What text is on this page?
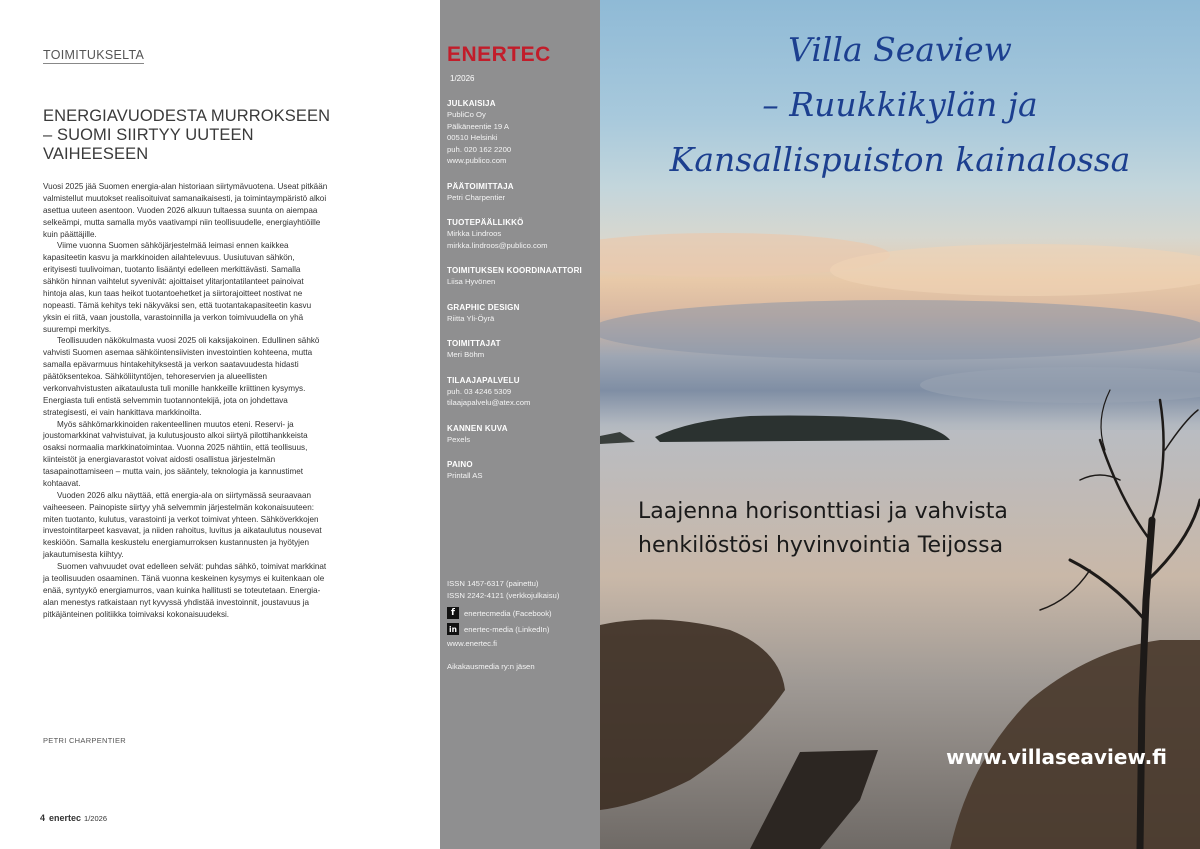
TOIMITUKSELTA
ENERGIAVUODESTA MURROKSEEN
– SUOMI SIIRTYY UUTEEN
VAIHEESEEN

Vuosi 2025 jää Suomen energia-alan historiaan siirtymävuotena. Useat pitkään valmistellut muutokset realisoituivat samanaikaisesti, ja toimintaympäristö alkoi asettua uuteen asentoon. Vuoden 2026 alkuun tultaessa suunta on aiempaa selkeämpi, mutta samalla myös vaativampi niin teollisuudelle, energiayhtiöille kuin päättäjille.

Viime vuonna Suomen sähköjärjestelmää leimasi ennen kaikkea kapasiteetin kasvu ja markkinoiden ailahtelevuus. Uusiutuvan sähkön, erityisesti tuulivoiman, tuotanto lisääntyi edelleen merkittävästi. Samalla sähkön hinnan vaihtelut syvenivät: ajoittaiset ylitarjontatilanteet painoivat hintoja alas, kun taas heikot tuotantoehetket ja siirtorajoitteet nostivat ne nopeasti. Tämä kehitys teki näkyväksi sen, että tuotantakapasiteetin kasvu yksin ei riitä, vaan joustolla, varastoinnilla ja verkon toimivuudella on yhä suurempi merkitys.

Teollisuuden näkökulmasta vuosi 2025 oli kaksijakoinen. Edullinen sähkö vahvisti Suomen asemaa sähköintensiivisten investointien kohteena, mutta samalla epävarmuus hintakehityksestä ja verkon saatavuudesta hidasti päätöksentekoa. Sähköliityntöjen, tehoreservien ja alueellisten verkonvahvistusten aikataulusta tuli monille hankkeille kriittinen kysymys. Energiasta tuli entistä selvemmin tuotannontekijä, jota on johdettava strategisesti, ei vain hankittava markkinoilta.

Myös sähkömarkkinoiden rakenteellinen muutos eteni. Reservi- ja joustomarkkinat vahvistuivat, ja kulutusjousto alkoi siirtyä pilottihankkeista osaksi normaalia markkinatoimintaa. Vuonna 2025 nähtiin, että teollisuus, kiinteistöt ja energiavarastot voivat aidosti osallistua järjestelmän tasapainottamiseen – mutta vain, jos sääntely, teknologia ja kannustimet kohtaavat.

Vuoden 2026 alku näyttää, että energia-ala on siirtymässä seuraavaan vaiheeseen. Painopiste siirtyy yhä selvemmin järjestelmän kokonaisuuteen: miten tuotanto, kulutus, varastointi ja verkot toimivat yhteen. Sähköverkkojen investointitarpeet kasvavat, ja niiden rahoitus, luvitus ja aikataulutus nousevat keskiöön. Samalla keskustelu energiamurroksen kustannusten ja hyötyjen jakautumisesta kiihtyy.

Suomen vahvuudet ovat edelleen selvät: puhdas sähkö, toimivat markkinat ja teollisuuden osaaminen. Tänä vuonna keskeinen kysymys ei kuitenkaan ole enää, syntyykö energiamurros, vaan kuinka hallitusti se toteutetaan. Energia-alan menestys ratkaistaan nyt kyvyssä yhdistää investoinnit, joustavuus ja pitkäjänteinen politiikka toimivaksi kokonaisuudeksi.

PETRI CHARPENTIER
4 enertec 1/2026
ENERTEC
1/2026
JULKAISIJA
PubliCo Oy
Pälkäneentie 19 A
00510 Helsinki
puh. 020 162 2200
www.publico.com
PÄÄTOIMITTAJA
Petri Charpentier
TUOTEPÄÄLLIKKÖ
Mirkka Lindroos
mirkka.lindroos@publico.com
TOIMITUKSEN KOORDINAATTORI
Liisa Hyvönen
GRAPHIC DESIGN
Riitta Yli-Öyrä
TOIMITTAJAT
Meri Böhm
TILAAJAPALVELU
puh. 03 4246 5309
tilaajapalvelu@atex.com
KANNEN KUVA
Pexels
PAINO
Printall AS
ISSN 1457-6317 (painettu)
ISSN 2242-4121 (verkkojulkaisu)
f	enertecmedia (Facebook)
in enertec-media (LinkedIn)
www.enertec.fi
Aikakausmedia ry:n jäsen
Villa Seaview
– Ruukkikylän ja
Kansallispuiston kainalossa
Laajenna horisonttiasi ja vahvista
henkilöstösi hyvinvointia Teijossa
www.villaseaview.fi
